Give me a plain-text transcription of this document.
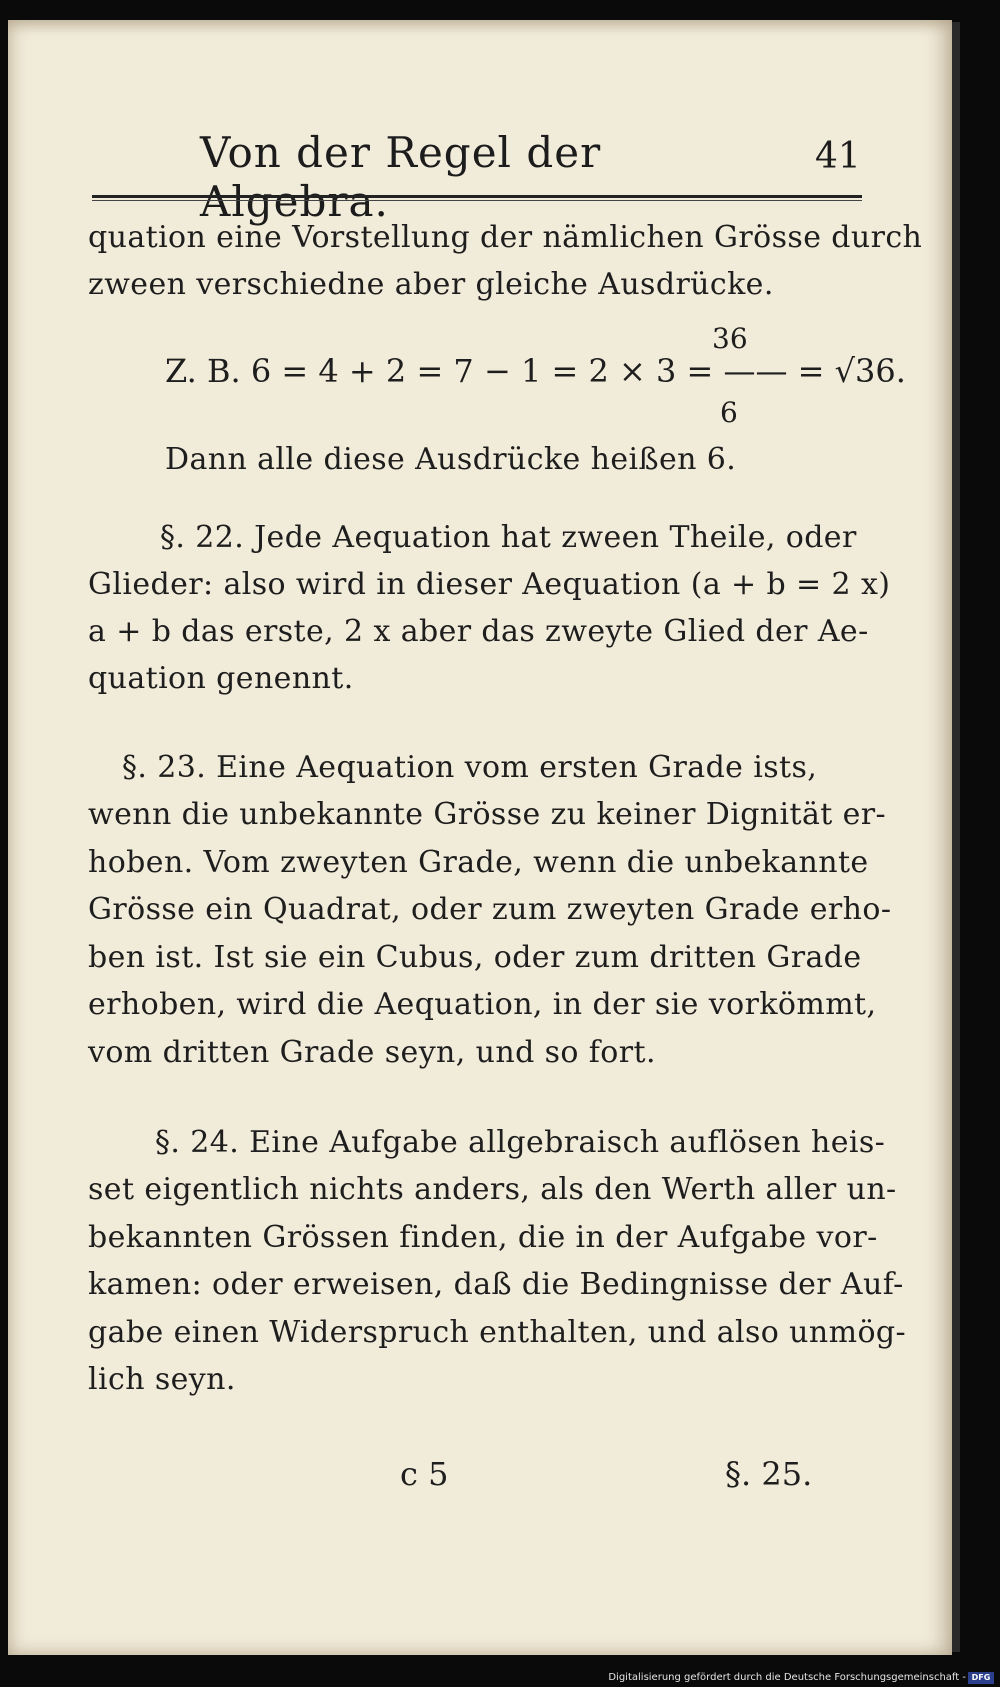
Von der Regel der Algebra.
41
quation eine Vorstellung der nämlichen Grösse durch
zween verschiedne aber gleiche Ausdrücke.
36
Z. B. 6 = 4 + 2 = 7 − 1 = 2 × 3 = —— = √36.
6
Dann alle diese Ausdrücke heißen 6.
§. 22. Jede Aequation hat zween Theile, oder
Glieder: also wird in dieser Aequation (a + b = 2 x)
a + b das erste, 2 x aber das zweyte Glied der Ae-
quation genennt.
§. 23. Eine Aequation vom ersten Grade ists,
wenn die unbekannte Grösse zu keiner Dignität er-
hoben. Vom zweyten Grade, wenn die unbekannte
Grösse ein Quadrat, oder zum zweyten Grade erho-
ben ist. Ist sie ein Cubus, oder zum dritten Grade
erhoben, wird die Aequation, in der sie vorkömmt,
vom dritten Grade seyn, und so fort.
§. 24. Eine Aufgabe allgebraisch auflösen heis-
set eigentlich nichts anders, als den Werth aller un-
bekannten Grössen finden, die in der Aufgabe vor-
kamen: oder erweisen, daß die Bedingnisse der Auf-
gabe einen Widerspruch enthalten, und also unmög-
lich seyn.
c 5	§. 25.
Digitalisierung gefördert durch die Deutsche Forschungsgemeinschaft - DFG
